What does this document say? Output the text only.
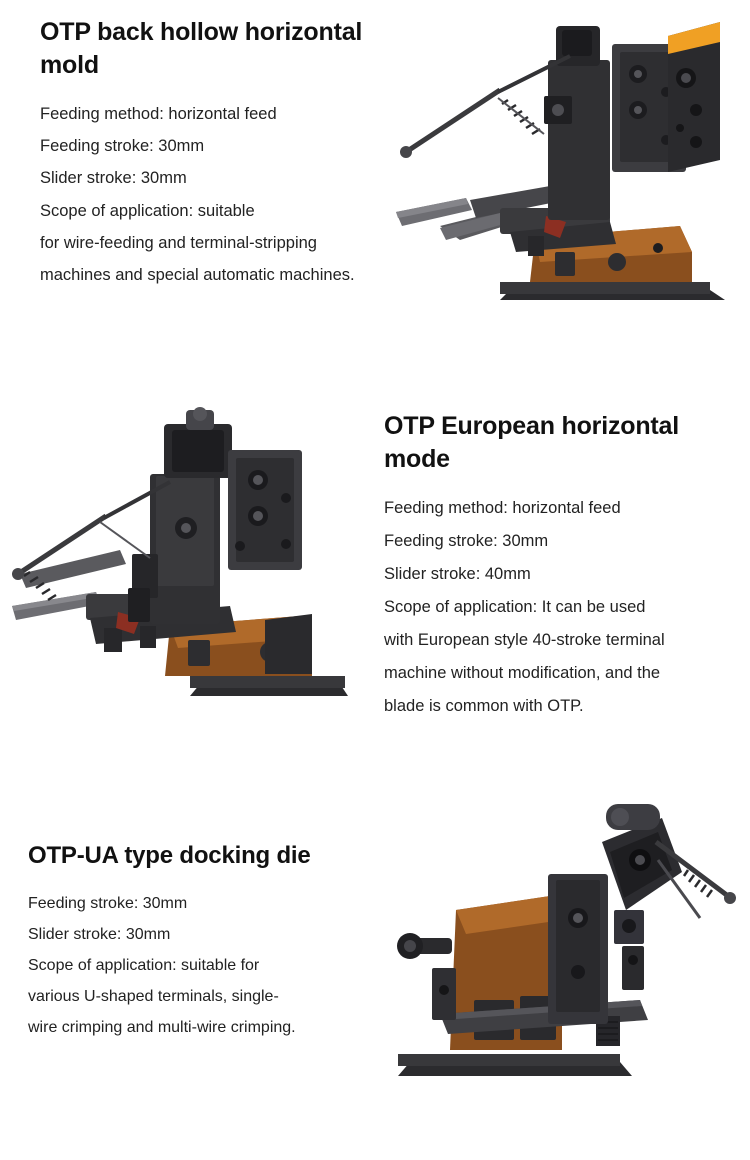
OTP back hollow horizontal mold
Feeding method: horizontal feed
Feeding stroke: 30mm
Slider stroke: 30mm
Scope of application: suitable
for wire-feeding and terminal-stripping
machines and special automatic machines.
OTP European horizontal mode
Feeding method: horizontal feed
Feeding stroke: 30mm
Slider stroke: 40mm
Scope of application: It can be used
with European style 40-stroke terminal
machine without modification, and the
blade is common with OTP.
OTP-UA type docking die
Feeding stroke: 30mm
Slider stroke: 30mm
Scope of application: suitable for
various U-shaped terminals, single-
wire crimping and multi-wire crimping.
